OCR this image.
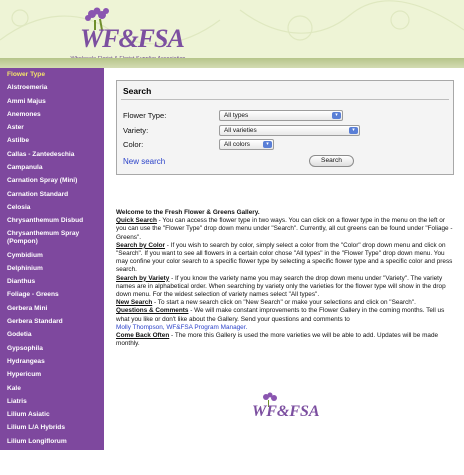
WF&FSA
Flower Type
Alstroemeria
Ammi Majus
Anemones
Aster
Astilbe
Callas - Zantedeschia
Campanula
Carnation Spray (Mini)
Carnation Standard
Celosia
Chrysanthemum Disbud
Chrysanthemum Spray (Pompon)
Cymbidium
Delphinium
Dianthus
Foliage - Greens
Gerbera Mini
Gerbera Standard
Godetia
Gypsophila
Hydrangeas
Hypericum
Kale
Liatris
Lilium Asiatic
Lilium L/A Hybrids
Lilium Longiflorum
Lilium Oriental
Limonium
Search
Flower Type:	All types	▾
Variety:	All varieties	▾
Color:	All colors	▾
New search	Search

Welcome to the Fresh Flower & Greens Gallery.

Quick Search - You can access the flower type in two ways. You can click on a flower type in the menu on the left or you can use the "Flower Type" drop down menu under "Search". Currently, all cut greens can be found under "Foliage - Greens".

Search by Color - If you wish to search by color, simply select a color from the "Color" drop down menu and click on "Search". If you want to see all flowers in a certain color chose "All types" in the "Flower Type" drop down menu. You may confine your color search to a specific flower type by selecting a specific flower type and a specific color and press search.

Search by Variety - If you know the variety name you may search the drop down menu under "Variety". The variety names are in alphabetical order. When searching by variety only the varieties for the flower type will show in the drop down menu. For the widest selection of variety names select "All types".

New Search - To start a new search click on "New Search" or make your selections and click on "Search".

Questions & Comments - We will make constant improvements to the Flower Gallery in the coming months. Tell us what you like or don't like about the Gallery. Send your questions and comments to
Molly Thompson, WF&FSA Program Manager.

Come Back Often - The more this Gallery is used the more varieties we will be able to add. Updates will be made monthly.

WF&FSA
